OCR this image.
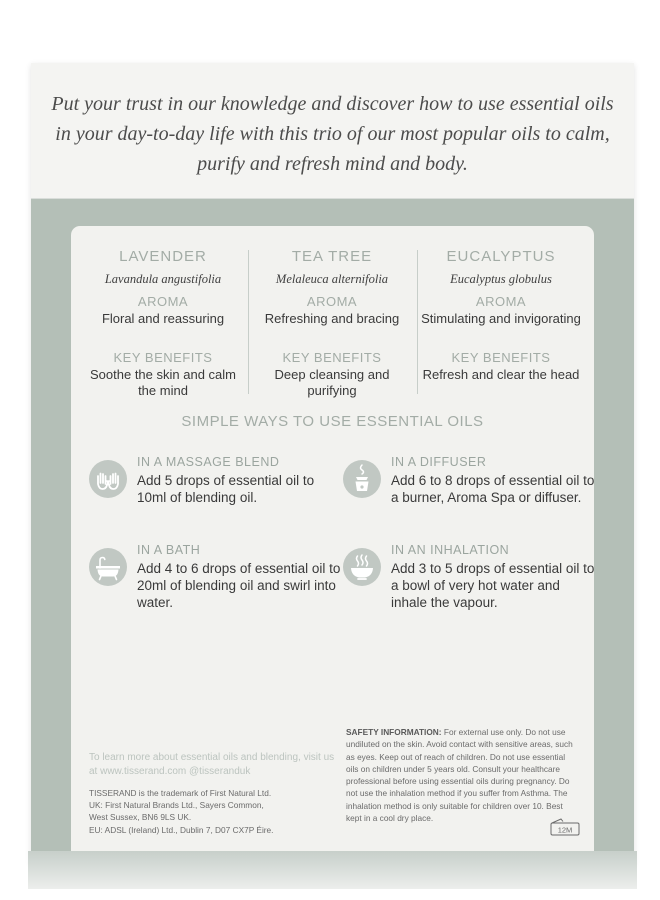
Put your trust in our knowledge and discover how to use essential oils in your day-to-day life with this trio of our most popular oils to calm, purify and refresh mind and body.

LAVENDER
Lavandula angustifolia
AROMA
Floral and reassuring
KEY BENEFITS
Soothe the skin and calm the mind
TEA TREE
Melaleuca alternifolia
AROMA
Refreshing and bracing
KEY BENEFITS
Deep cleansing and purifying
EUCALYPTUS
Eucalyptus globulus
AROMA
Stimulating and invigorating
KEY BENEFITS
Refresh and clear the head
SIMPLE WAYS TO USE ESSENTIAL OILS
IN A MASSAGE BLEND
Add 5 drops of essential oil to 10ml of blending oil.
IN A DIFFUSER
Add 6 to 8 drops of essential oil to a burner, Aroma Spa or diffuser.
IN A BATH
Add 4 to 6 drops of essential oil to 20ml of blending oil and swirl into water.
IN AN INHALATION
Add 3 to 5 drops of essential oil to a bowl of very hot water and inhale the vapour.
To learn more about essential oils and blending, visit us at www.tisserand.com @tisseranduk
TISSERAND is the trademark of First Natural Ltd.
UK: First Natural Brands Ltd., Sayers Common,
West Sussex, BN6 9LS UK.
EU: ADSL (Ireland) Ltd., Dublin 7, D07 CX7P Éire.
SAFETY INFORMATION: For external use only. Do not use undiluted on the skin. Avoid contact with sensitive areas, such as eyes. Keep out of reach of children. Do not use essential oils on children under 5 years old. Consult your healthcare professional before using essential oils during pregnancy. Do not use the inhalation method if you suffer from Asthma. The inhalation method is only suitable for children over 10. Best kept in a cool dry place.
12M
